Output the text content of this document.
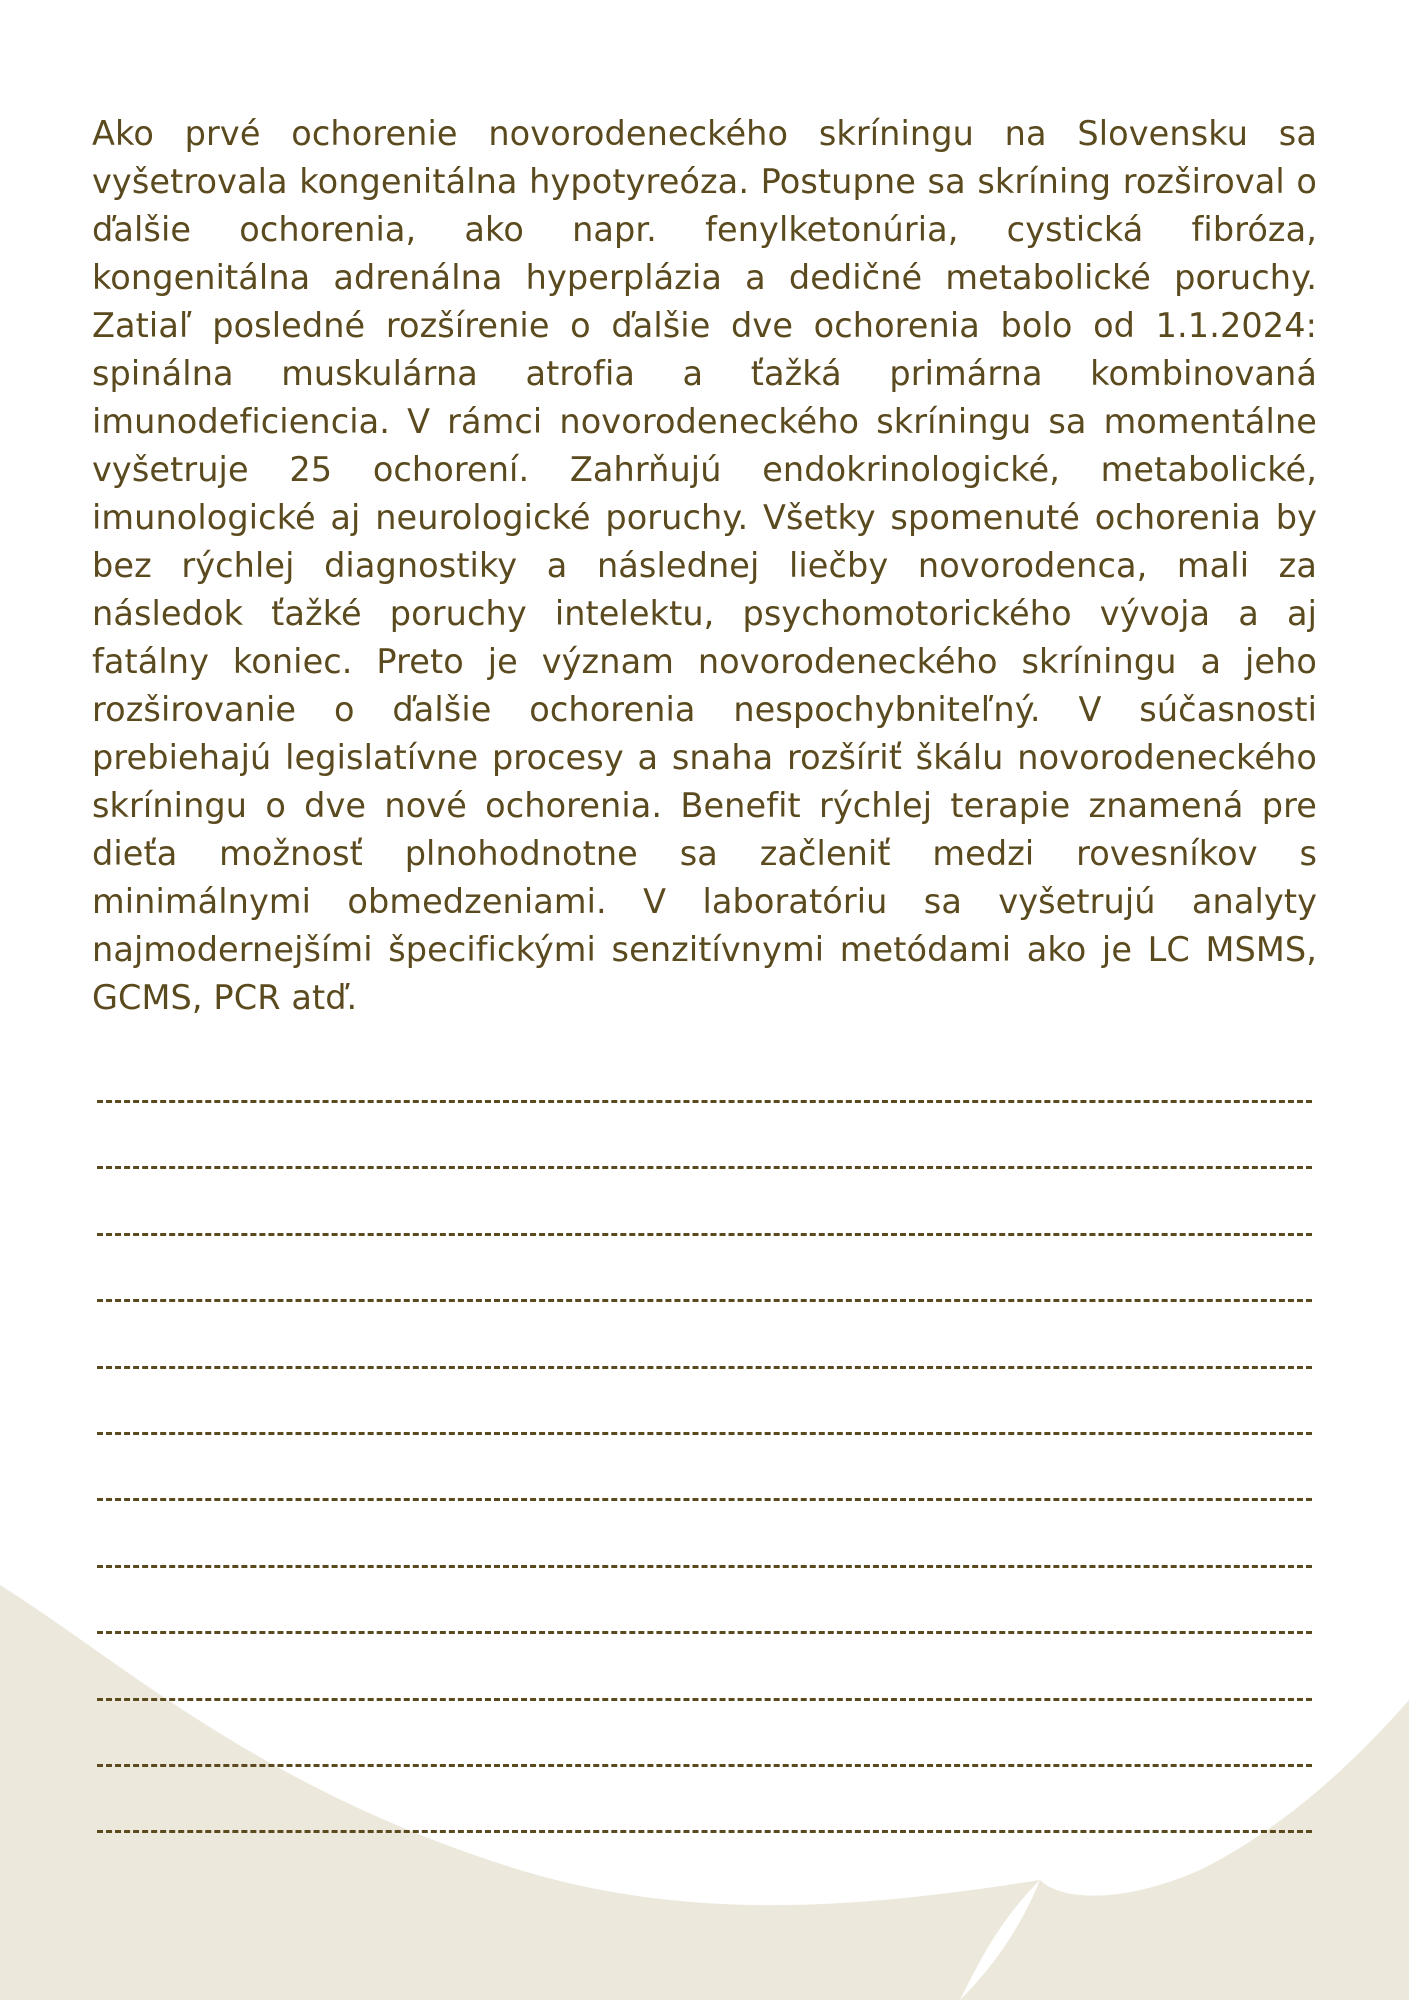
Ako prvé ochorenie novorodeneckého skríningu na Slovensku sa vyšetrovala kongenitálna hypotyreóza. Postupne sa skríning rozširoval o ďalšie ochorenia, ako napr. fenylketonúria, cystická fibróza, kongenitálna adrenálna hyperplázia a dedičné metabolické poruchy. Zatiaľ posledné rozšírenie o ďalšie dve ochorenia bolo od 1.1.2024: spinálna muskulárna atrofia a ťažká primárna kombinovaná imunodeficiencia. V rámci novorodeneckého skríningu sa momentálne vyšetruje 25 ochorení. Zahrňujú endokrinologické, metabolické, imunologické aj neurologické poruchy. Všetky spomenuté ochorenia by bez rýchlej diagnostiky a následnej liečby novorodenca, mali za následok ťažké poruchy intelektu, psychomotorického vývoja a aj fatálny koniec. Preto je význam novorodeneckého skríningu a jeho rozširovanie o ďalšie ochorenia nespochybniteľný. V súčasnosti prebiehajú legislatívne procesy a snaha rozšíriť škálu novorodeneckého skríningu o dve nové ochorenia. Benefit rýchlej terapie znamená pre dieťa možnosť plnohodnotne sa začleniť medzi rovesníkov s minimálnymi obmedzeniami. V laboratóriu sa vyšetrujú analyty najmodernejšími špecifickými senzitívnymi metódami ako je LC MSMS, GCMS, PCR atď.
